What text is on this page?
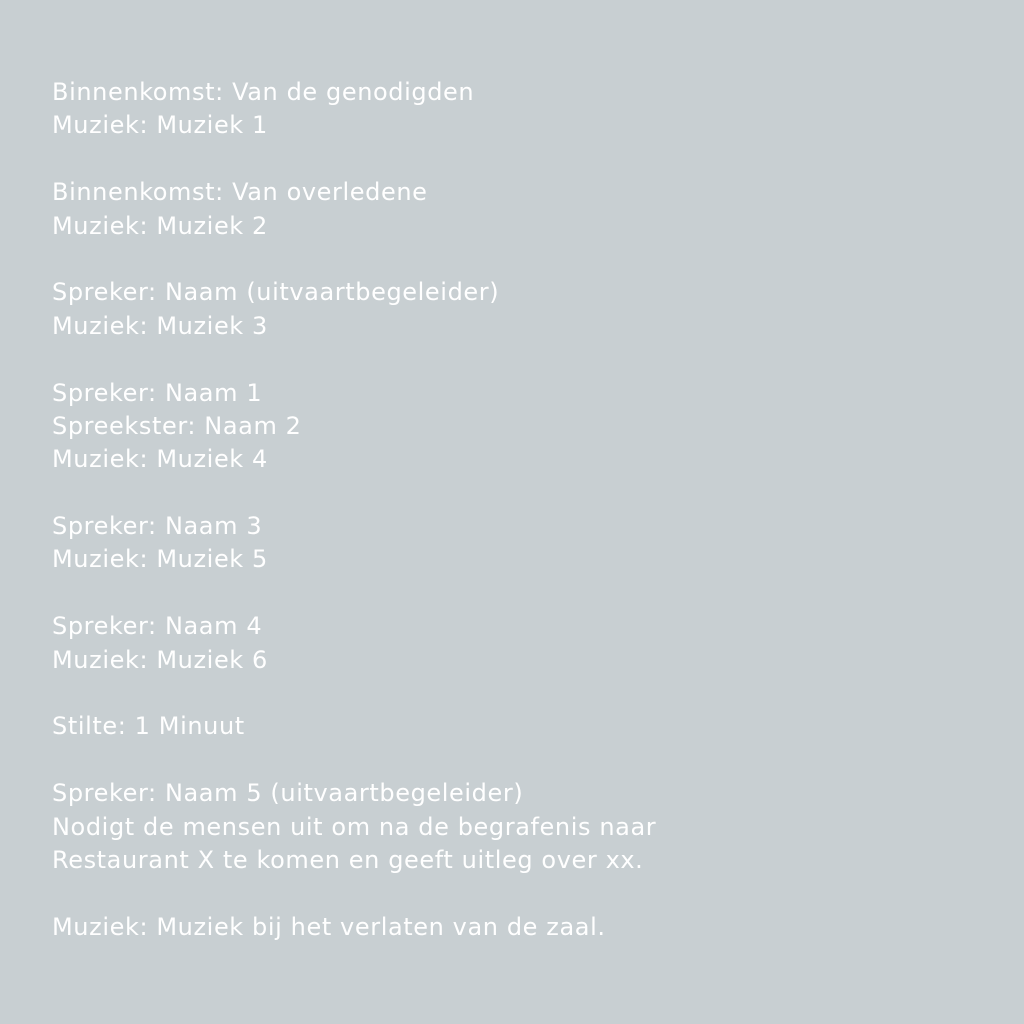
Binnenkomst: Van de genodigden
Muziek: Muziek 1
Binnenkomst: Van overledene
Muziek: Muziek 2
Spreker: Naam (uitvaartbegeleider)
Muziek: Muziek 3
Spreker: Naam 1
Spreekster: Naam 2
Muziek: Muziek 4
Spreker: Naam 3
Muziek: Muziek 5
Spreker: Naam 4
Muziek: Muziek 6
Stilte: 1 Minuut
Spreker: Naam 5 (uitvaartbegeleider)
Nodigt de mensen uit om na de begrafenis naar
Restaurant X te komen en geeft uitleg over xx.
Muziek: Muziek bij het verlaten van de zaal.
